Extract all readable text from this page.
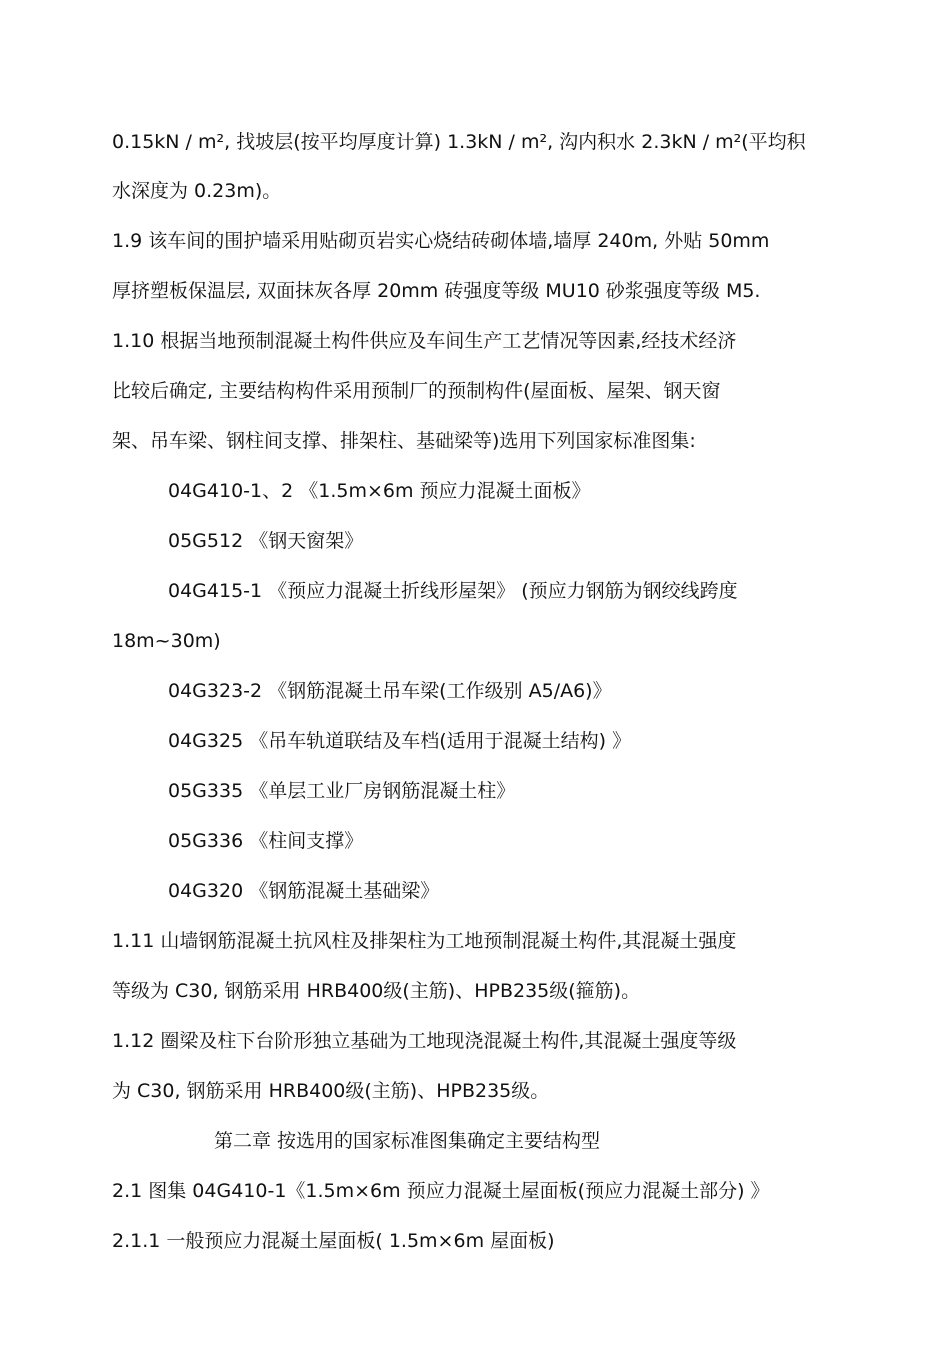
0.15kN / m², 找坡层(按平均厚度计算) 1.3kN / m², 沟内积水 2.3kN / m²(平均积
水深度为 0.23m)。
1.9 该车间的围护墙采用贴砌页岩实心烧结砖砌体墙,墙厚 240m, 外贴 50mm
厚挤塑板保温层, 双面抹灰各厚 20mm 砖强度等级 MU10 砂浆强度等级 M5.
1.10 根据当地预制混凝土构件供应及车间生产工艺情况等因素,经技术经济
比较后确定, 主要结构构件采用预制厂的预制构件(屋面板、屋架、钢天窗
架、吊车梁、钢柱间支撑、排架柱、基础梁等)选用下列国家标准图集:
04G410-1、2 《1.5m×6m 预应力混凝土面板》
05G512 《钢天窗架》
04G415-1 《预应力混凝土折线形屋架》 (预应力钢筋为钢绞线跨度
18m~30m)
04G323-2 《钢筋混凝土吊车梁(工作级别 A5/A6)》
04G325 《吊车轨道联结及车档(适用于混凝土结构) 》
05G335 《单层工业厂房钢筋混凝土柱》
05G336 《柱间支撑》
04G320 《钢筋混凝土基础梁》
1.11 山墙钢筋混凝土抗风柱及排架柱为工地预制混凝土构件,其混凝土强度
等级为 C30, 钢筋采用 HRB400级(主筋)、HPB235级(箍筋)。
1.12 圈梁及柱下台阶形独立基础为工地现浇混凝土构件,其混凝土强度等级
为 C30, 钢筋采用 HRB400级(主筋)、HPB235级。
第二章 按选用的国家标准图集确定主要结构型
2.1 图集 04G410-1《1.5m×6m 预应力混凝土屋面板(预应力混凝土部分) 》
2.1.1 一般预应力混凝土屋面板( 1.5m×6m 屋面板)
